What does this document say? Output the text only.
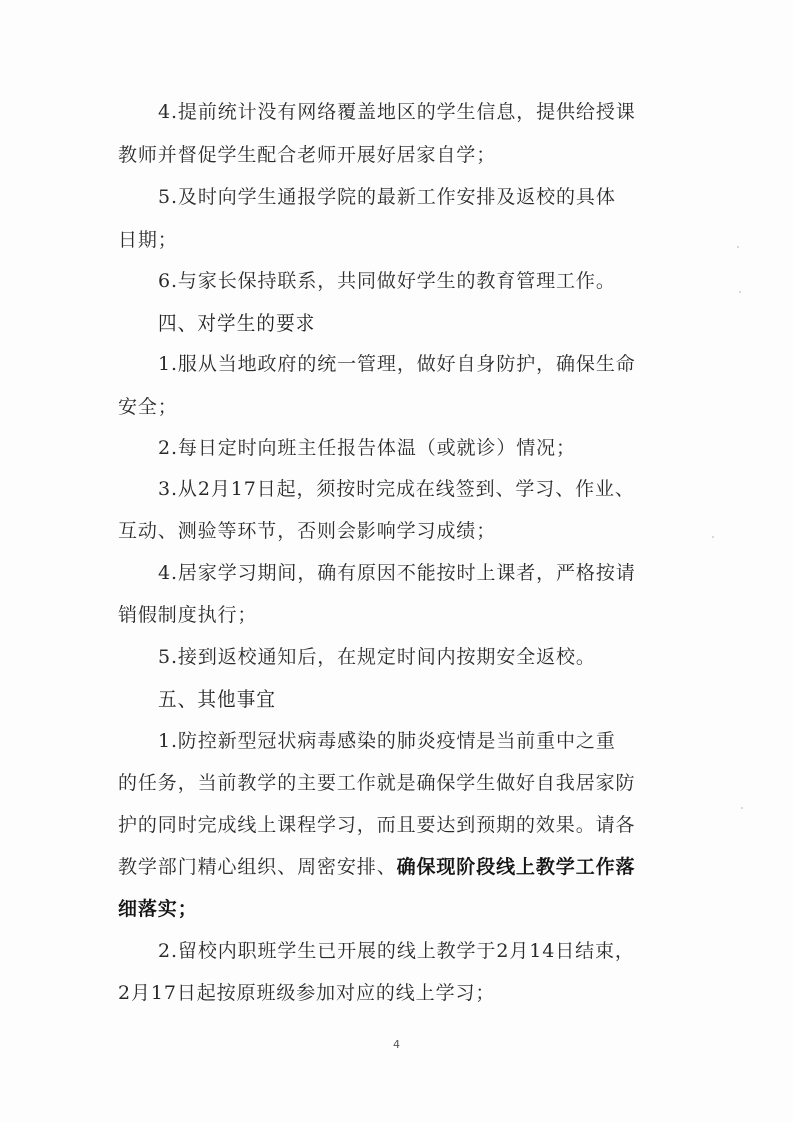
4.提前统计没有网络覆盖地区的学生信息，提供给授课
教师并督促学生配合老师开展好居家自学；
5.及时向学生通报学院的最新工作安排及返校的具体
日期；
6.与家长保持联系，共同做好学生的教育管理工作。
四、对学生的要求
1.服从当地政府的统一管理，做好自身防护，确保生命
安全；
2.每日定时向班主任报告体温（或就诊）情况；
3.从2月17日起，须按时完成在线签到、学习、作业、
互动、测验等环节，否则会影响学习成绩；
4.居家学习期间，确有原因不能按时上课者，严格按请
销假制度执行；
5.接到返校通知后，在规定时间内按期安全返校。
五、其他事宜
1.防控新型冠状病毒感染的肺炎疫情是当前重中之重
的任务，当前教学的主要工作就是确保学生做好自我居家防
护的同时完成线上课程学习，而且要达到预期的效果。请各
教学部门精心组织、周密安排、确保现阶段线上教学工作落
细落实；
2.留校内职班学生已开展的线上教学于2月14日结束，
2月17日起按原班级参加对应的线上学习；
4
